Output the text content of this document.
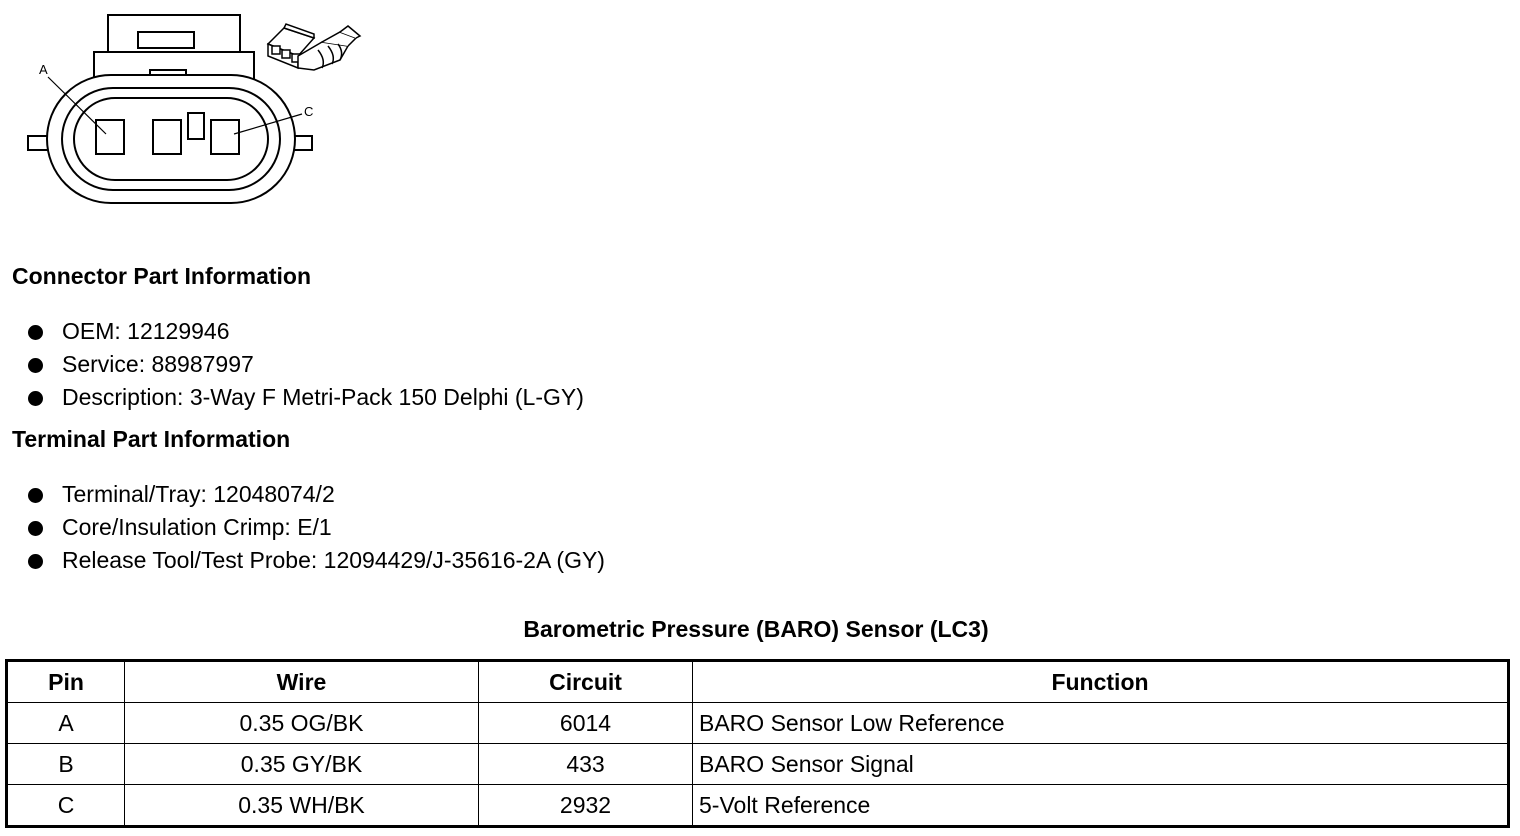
A
C
Connector Part Information
OEM: 12129946
Service: 88987997
Description: 3-Way F Metri-Pack 150 Delphi (L-GY)
Terminal Part Information
Terminal/Tray: 12048074/2
Core/Insulation Crimp: E/1
Release Tool/Test Probe: 12094429/J-35616-2A (GY)
Barometric Pressure (BARO) Sensor (LC3)
Pin	Wire	Circuit	Function
A	0.35 OG/BK	6014	BARO Sensor Low Reference
B	0.35 GY/BK	433	BARO Sensor Signal
C	0.35 WH/BK	2932	5-Volt Reference
